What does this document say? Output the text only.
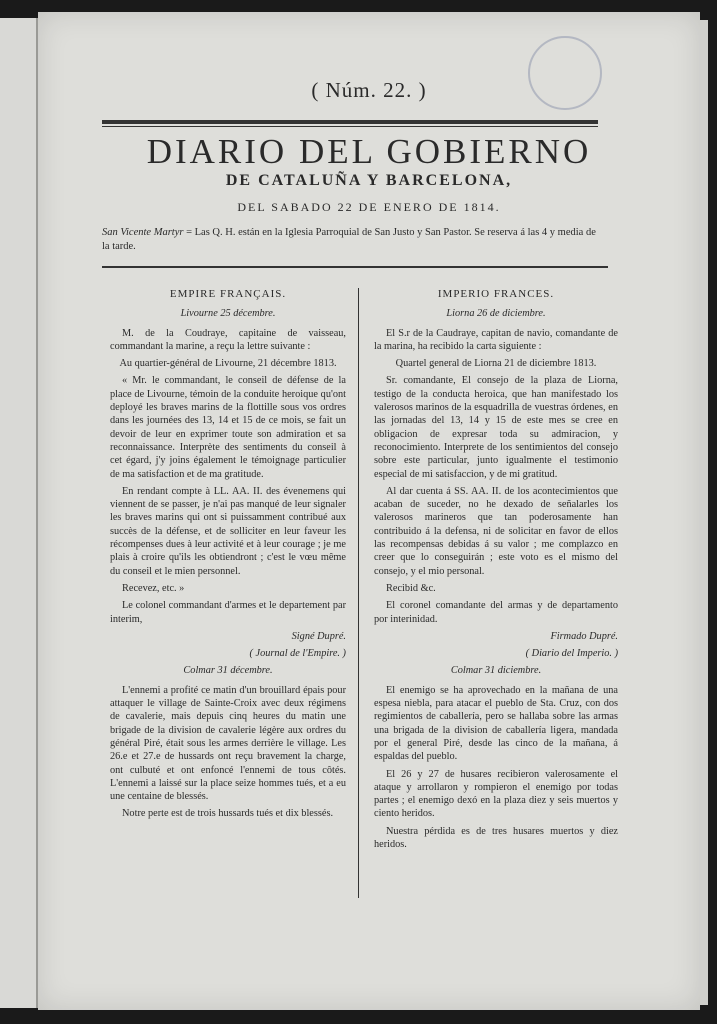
( Núm. 22. )
DIARIO DEL GOBIERNO
DE CATALUÑA Y BARCELONA,
DEL SABADO 22 DE ENERO DE 1814.
San Vicente Martyr = Las Q. H. están en la Iglesia Parroquial de San Justo y San Pastor. Se reserva á las 4 y media de la tarde.

EMPIRE FRANÇAIS.

Livourne 25 décembre.

M. de la Coudraye, capitaine de vaisseau, commandant la marine, a reçu la lettre suivante :

Au quartier-général de Livourne, 21 décembre 1813.

« Mr. le commandant, le conseil de défense de la place de Livourne, témoin de la conduite heroique qu'ont deployé les braves marins de la flottille sous vos ordres dans les journées des 13, 14 et 15 de ce mois, se fait un devoir de leur en exprimer toute son admiration et sa reconnaissance. Interprète des sentiments du conseil à cet égard, j'y joins également le témoignage particulier de ma satisfaction et de ma gratitude.

En rendant compte à LL. AA. II. des évenemens qui viennent de se passer, je n'ai pas manqué de leur signaler les braves marins qui ont si puissamment contribué aux succès de la défense, et de solliciter en leur faveur les récompenses dues à leur activité et à leur courage ; je me plais à croire qu'ils les obtiendront ; c'est le vœu même du conseil et le mien personnel.

Recevez, etc. »

Le colonel commandant d'armes et le departement par interim,

Signé Dupré.

( Journal de l'Empire. )

Colmar 31 décembre.

L'ennemi a profité ce matin d'un brouillard épais pour attaquer le village de Sainte-Croix avec deux régimens de cavalerie, mais depuis cinq heures du matin une brigade de la division de cavalerie légère aux ordres du général Piré, était sous les armes derrière le village. Les 26.e et 27.e de hussards ont reçu bravement la charge, ont culbuté et ont enfoncé l'ennemi de tous côtés. L'ennemi a laissé sur la place seize hommes tués, et a eu une centaine de blessés.

Notre perte est de trois hussards tués et dix blessés.

IMPERIO FRANCES.

Liorna 26 de diciembre.

El S.r de la Caudraye, capitan de navio, comandante de la marina, ha recibido la carta siguiente :

Quartel general de Liorna 21 de diciembre 1813.

Sr. comandante, El consejo de la plaza de Liorna, testigo de la conducta heroica, que han manifestado los valerosos marinos de la esquadrilla de vuestras órdenes, en las jornadas del 13, 14 y 15 de este mes se cree en obligacion de expresar toda su admiracion, y reconocimiento. Interprete de los sentimientos del consejo sobre este particular, junto igualmente el testimonio especial de mi satisfaccion, y de mi gratitud.

Al dar cuenta á SS. AA. II. de los acontecimientos que acaban de suceder, no he dexado de señalarles los valerosos marineros que tan poderosamente han contribuido á la defensa, ni de solicitar en favor de ellos las recompensas debidas á su valor ; me complazco en creer que lo conseguirán ; este voto es el mismo del consejo, y el mio personal.

Recibid &c.

El coronel comandante del armas y de departamento por interinidad.

Firmado Dupré.

( Diario del Imperio. )

Colmar 31 diciembre.

El enemigo se ha aprovechado en la mañana de una espesa niebla, para atacar el pueblo de Sta. Cruz, con dos regimientos de caballería, pero se hallaba sobre las armas una brigada de la division de caballería ligera, mandada por el general Piré, desde las cinco de la mañana, á espaldas del pueblo.

El 26 y 27 de husares recibieron valerosamente el ataque y arrollaron y rompieron el enemigo por todas partes ; el enemigo dexó en la plaza diez y seis muertos y ciento heridos.

Nuestra pérdida es de tres husares muertos y diez heridos.
